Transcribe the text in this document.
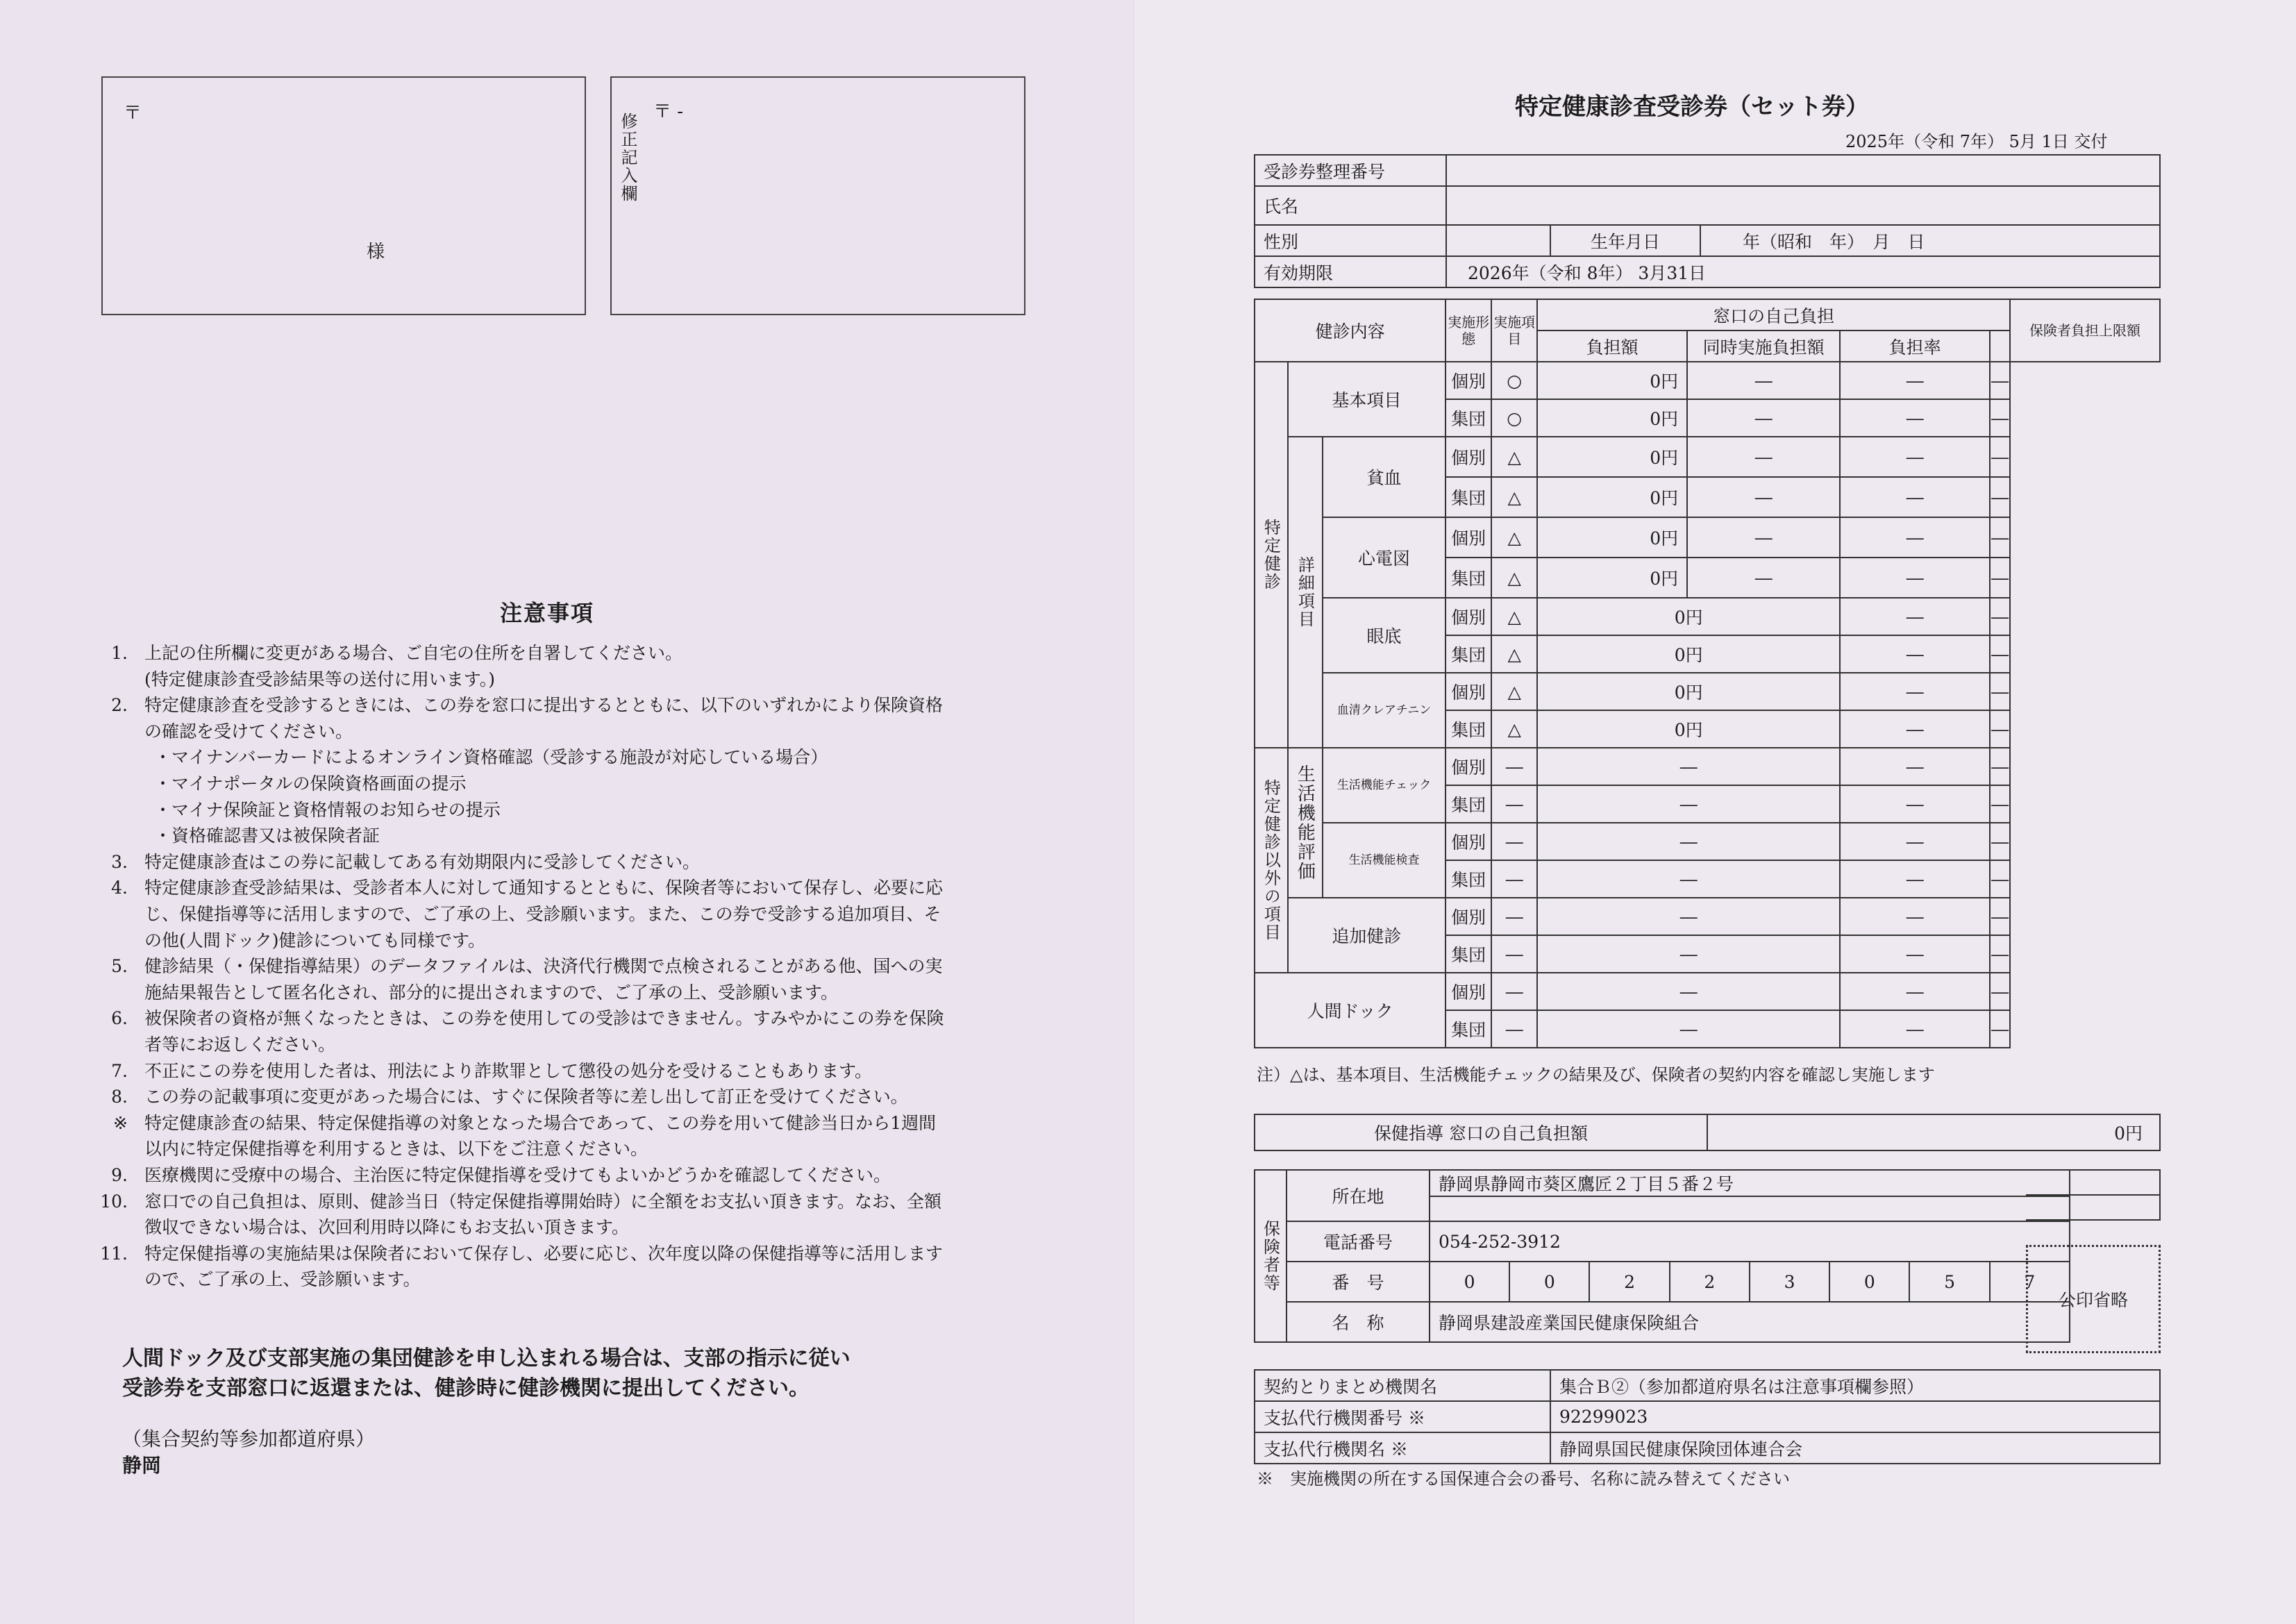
〒
様
〒 -
修正記入欄
注意事項
1. 上記の住所欄に変更がある場合、ご自宅の住所を自署してください。
(特定健康診査受診結果等の送付に用います。)
2. 特定健康診査を受診するときには、この券を窓口に提出するとともに、以下のいずれかにより保険資格
の確認を受けてください。
・マイナンバーカードによるオンライン資格確認（受診する施設が対応している場合）
・マイナポータルの保険資格画面の提示
・マイナ保険証と資格情報のお知らせの提示
・資格確認書又は被保険者証
3. 特定健康診査はこの券に記載してある有効期限内に受診してください。
4. 特定健康診査受診結果は、受診者本人に対して通知するとともに、保険者等において保存し、必要に応
じ、保健指導等に活用しますので、ご了承の上、受診願います。また、この券で受診する追加項目、そ
の他(人間ドック)健診についても同様です。
5. 健診結果（・保健指導結果）のデータファイルは、決済代行機関で点検されることがある他、国への実
施結果報告として匿名化され、部分的に提出されますので、ご了承の上、受診願います。
6. 被保険者の資格が無くなったときは、この券を使用しての受診はできません。すみやかにこの券を保険
者等にお返しください。
7. 不正にこの券を使用した者は、刑法により詐欺罪として懲役の処分を受けることもあります。
8. この券の記載事項に変更があった場合には、すぐに保険者等に差し出して訂正を受けてください。
※ 特定健康診査の結果、特定保健指導の対象となった場合であって、この券を用いて健診当日から1週間
以内に特定保健指導を利用するときは、以下をご注意ください。
9. 医療機関に受療中の場合、主治医に特定保健指導を受けてもよいかどうかを確認してください。
10. 窓口での自己負担は、原則、健診当日（特定保健指導開始時）に全額をお支払い頂きます。なお、全額
徴収できない場合は、次回利用時以降にもお支払い頂きます。
11. 特定保健指導の実施結果は保険者において保存し、必要に応じ、次年度以降の保健指導等に活用します
ので、ご了承の上、受診願います。
人間ドック及び支部実施の集団健診を申し込まれる場合は、支部の指示に従い
受診券を支部窓口に返還または、健診時に健診機関に提出してください。
（集合契約等参加都道府県）
静岡
特定健康診査受診券（セット券）
2025年（令和 7年） 5月 1日 交付
受診券整理番号			
氏名			
性別		生年月日	年（昭和　年）　月　日
有効期限	2026年（令和 8年） 3月31日		
健診内容			実施形態	実施項目	窓口の自己負担				保険者負担上限額
					負担額	同時実施負担額	負担率		
特定健診	基本項目		個別	○	0円	―	―	―	
			集団	○	0円	―	―	―	
	詳細項目	貧血	個別	△	0円	―	―	―	
			集団	△	0円	―	―	―	
		心電図	個別	△	0円	―	―	―	
			集団	△	0円	―	―	―	
		眼底	個別	△	0円		―	―	
			集団	△	0円		―	―	
		血清クレアチニン	個別	△	0円		―	―	
			集団	△	0円		―	―	
特定健診以外の項目	生活機能評価	生活機能チェック	個別	―	―		―	―	
			集団	―	―		―	―	
		生活機能検査	個別	―	―		―	―	
			集団	―	―		―	―	
	追加健診		個別	―	―		―	―	
			集団	―	―		―	―	
人間ドック			個別	―	―		―	―	
			集団	―	―		―	―	
注）△は、基本項目、生活機能チェックの結果及び、保険者の契約内容を確認し実施します
保健指導 窓口の自己負担額	0円
保険者等	所在地	静岡県静岡市葵区鷹匠２丁目５番２号							

	電話番号	054-252-3912							
	番　号	0	0	2	2	3	0	5	7
	名　称	静岡県建設産業国民健康保険組合							
公印省略
契約とりまとめ機関名	集合Ｂ②（参加都道府県名は注意事項欄参照）
支払代行機関番号 ※	92299023
支払代行機関名 ※	静岡県国民健康保険団体連合会
※　実施機関の所在する国保連合会の番号、名称に読み替えてください
